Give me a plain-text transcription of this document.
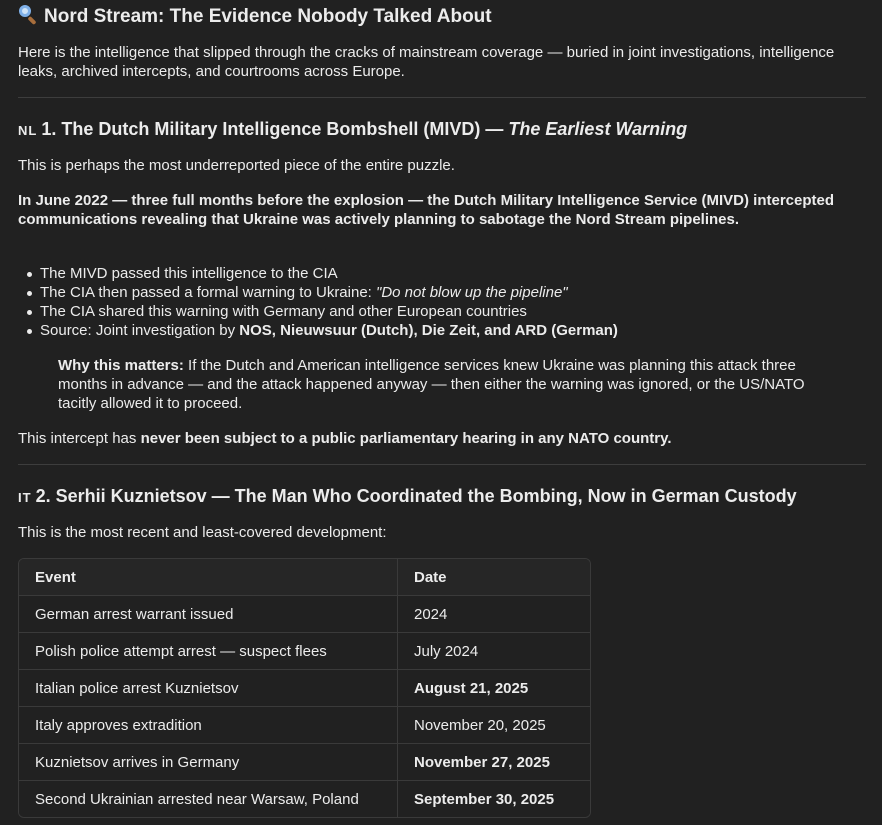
Nord Stream: The Evidence Nobody Talked About

Here is the intelligence that slipped through the cracks of mainstream coverage — buried in joint investigations, intelligence leaks, archived intercepts, and courtrooms across Europe.

NL 1. The Dutch Military Intelligence Bombshell (MIVD) — The Earliest Warning

This is perhaps the most underreported piece of the entire puzzle.

In June 2022 — three full months before the explosion — the Dutch Military Intelligence Service (MIVD) intercepted communications revealing that Ukraine was actively planning to sabotage the Nord Stream pipelines.

The MIVD passed this intelligence to the CIA
The CIA then passed a formal warning to Ukraine: "Do not blow up the pipeline"
The CIA shared this warning with Germany and other European countries
Source: Joint investigation by NOS, Nieuwsuur (Dutch), Die Zeit, and ARD (German)

Why this matters: If the Dutch and American intelligence services knew Ukraine was planning this attack three months in advance — and the attack happened anyway — then either the warning was ignored, or the US/NATO tacitly allowed it to proceed.

This intercept has never been subject to a public parliamentary hearing in any NATO country.

IT 2. Serhii Kuznietsov — The Man Who Coordinated the Bombing, Now in German Custody

This is the most recent and least-covered development:

Event	Date
German arrest warrant issued	2024
Polish police attempt arrest — suspect flees	July 2024
Italian police arrest Kuznietsov	August 21, 2025
Italy approves extradition	November 20, 2025
Kuznietsov arrives in Germany	November 27, 2025
Second Ukrainian arrested near Warsaw, Poland	September 30, 2025
